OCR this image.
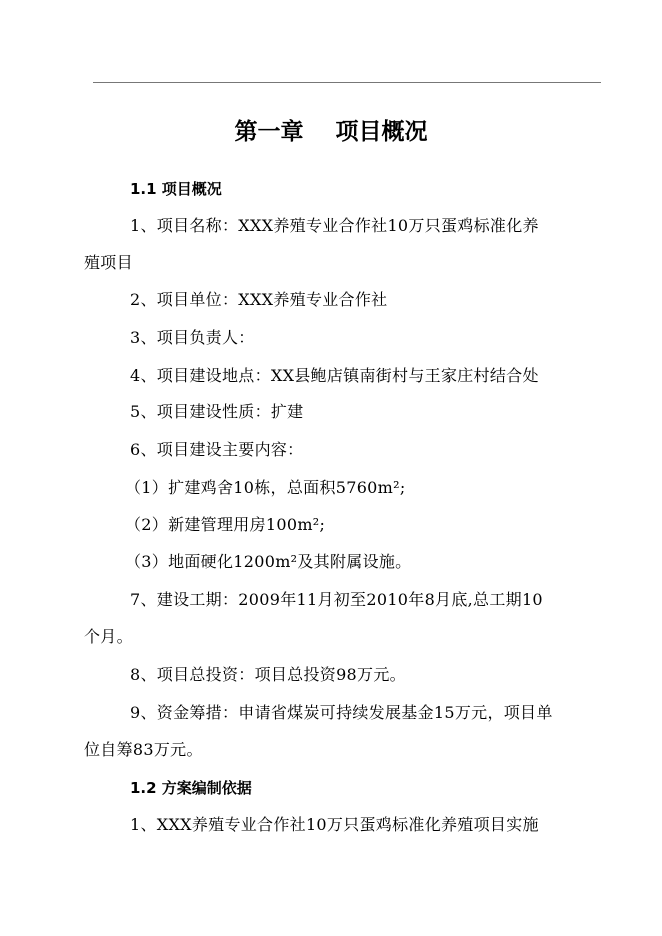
第一章    项目概况
1.1 项目概况
1、项目名称：XXX养殖专业合作社10万只蛋鸡标准化养
殖项目
2、项目单位：XXX养殖专业合作社
3、项目负责人：
4、项目建设地点：XX县鲍店镇南街村与王家庄村结合处
5、项目建设性质：扩建
6、项目建设主要内容：
（1）扩建鸡舍10栋，总面积5760m²;
（2）新建管理用房100m²;
（3）地面硬化1200m²及其附属设施。
7、建设工期：2009年11月初至2010年8月底,总工期10
个月。
8、项目总投资：项目总投资98万元。
9、资金筹措：申请省煤炭可持续发展基金15万元，项目单
位自筹83万元。
1.2 方案编制依据
1、XXX养殖专业合作社10万只蛋鸡标准化养殖项目实施
